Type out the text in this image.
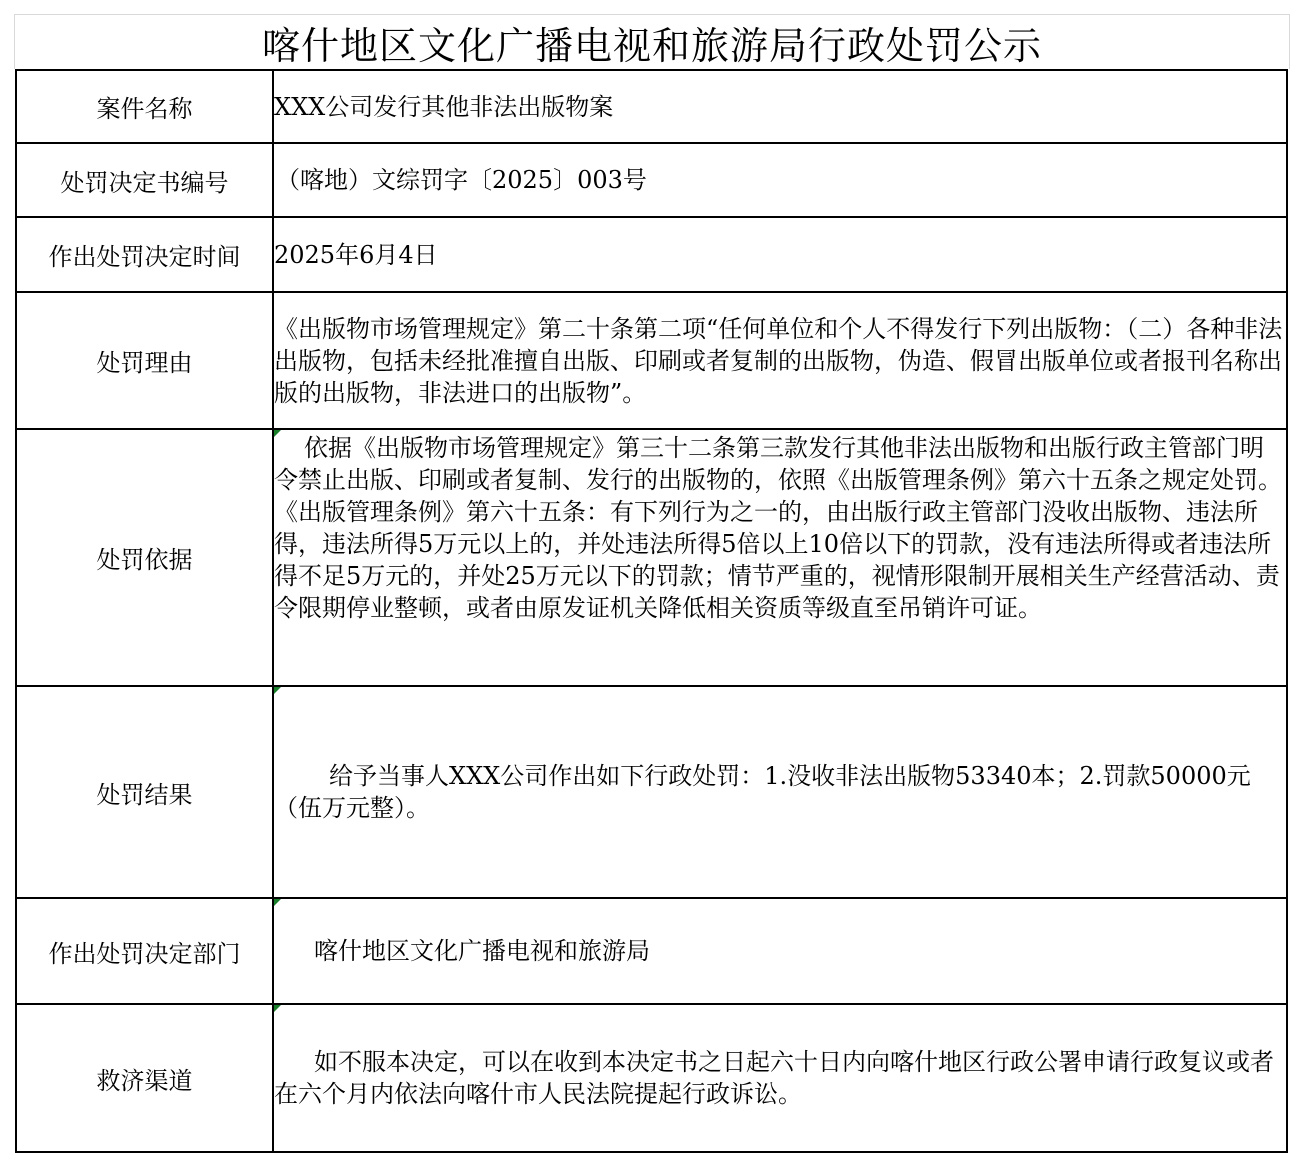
喀什地区文化广播电视和旅游局行政处罚公示
案件名称	XXX公司发行其他非法出版物案
处罚决定书编号	（喀地）文综罚字〔2025〕003号
作出处罚决定时间	2025年6月4日
处罚理由	《出版物市场管理规定》第二十条第二项“任何单位和个人不得发行下列出版物：（二）各种非法出版物，包括未经批准擅自出版、印刷或者复制的出版物，伪造、假冒出版单位或者报刊名称出版的出版物，非法进口的出版物”。
处罚依据	依据《出版物市场管理规定》第三十二条第三款发行其他非法出版物和出版行政主管部门明令禁止出版、印刷或者复制、发行的出版物的，依照《出版管理条例》第六十五条之规定处罚。《出版管理条例》第六十五条：有下列行为之一的，由出版行政主管部门没收出版物、违法所得，违法所得5万元以上的，并处违法所得5倍以上10倍以下的罚款，没有违法所得或者违法所得不足5万元的，并处25万元以下的罚款；情节严重的，视情形限制开展相关生产经营活动、责令限期停业整顿，或者由原发证机关降低相关资质等级直至吊销许可证。
处罚结果	给予当事人XXX公司作出如下行政处罚：1.没收非法出版物53340本；2.罚款50000元（伍万元整）。
作出处罚决定部门	喀什地区文化广播电视和旅游局
救济渠道	如不服本决定，可以在收到本决定书之日起六十日内向喀什地区行政公署申请行政复议或者在六个月内依法向喀什市人民法院提起行政诉讼。
